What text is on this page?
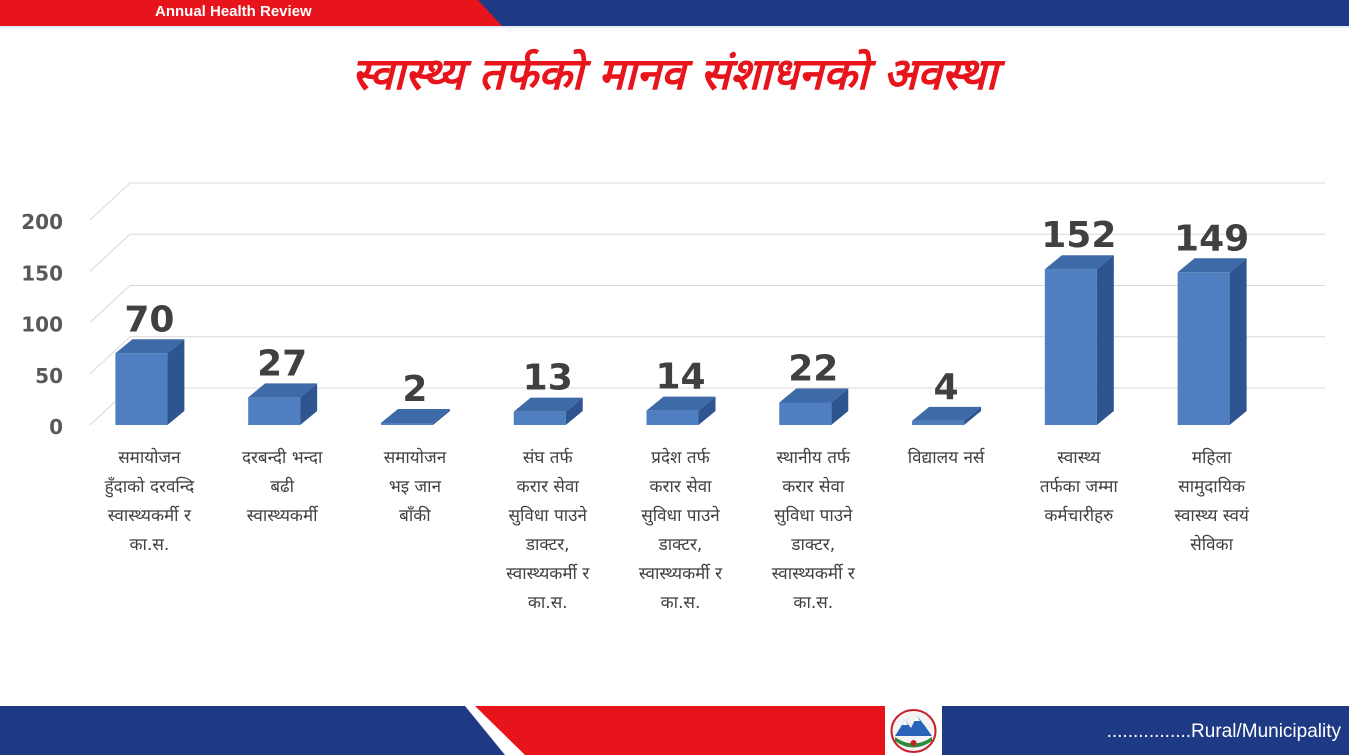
Annual Health Review
स्वास्थ्य तर्फको मानव संशाधनको अवस्था
0
50
100
150
200
70
27
2	13 14 22	4
152 149
समायोजन हुँदाको दरवन्दि स्वास्थ्यकर्मी र का.स.
दरबन्दी भन्दा बढी स्वास्थ्यकर्मी
समायोजन भइ जान बाँकी
संघ तर्फ करार सेवा सुविधा पाउने डाक्टर, स्वास्थ्यकर्मी र का.स.
प्रदेश तर्फ करार सेवा सुविधा पाउने डाक्टर, स्वास्थ्यकर्मी र का.स.
स्थानीय तर्फ करार सेवा सुविधा पाउने डाक्टर, स्वास्थ्यकर्मी र का.स.
विद्यालय नर्स	स्वास्थ्य तर्फका जम्मा कर्मचारीहरु
महिला सामुदायिक स्वास्थ्य स्वयं सेविका
................Rural/Municipality
